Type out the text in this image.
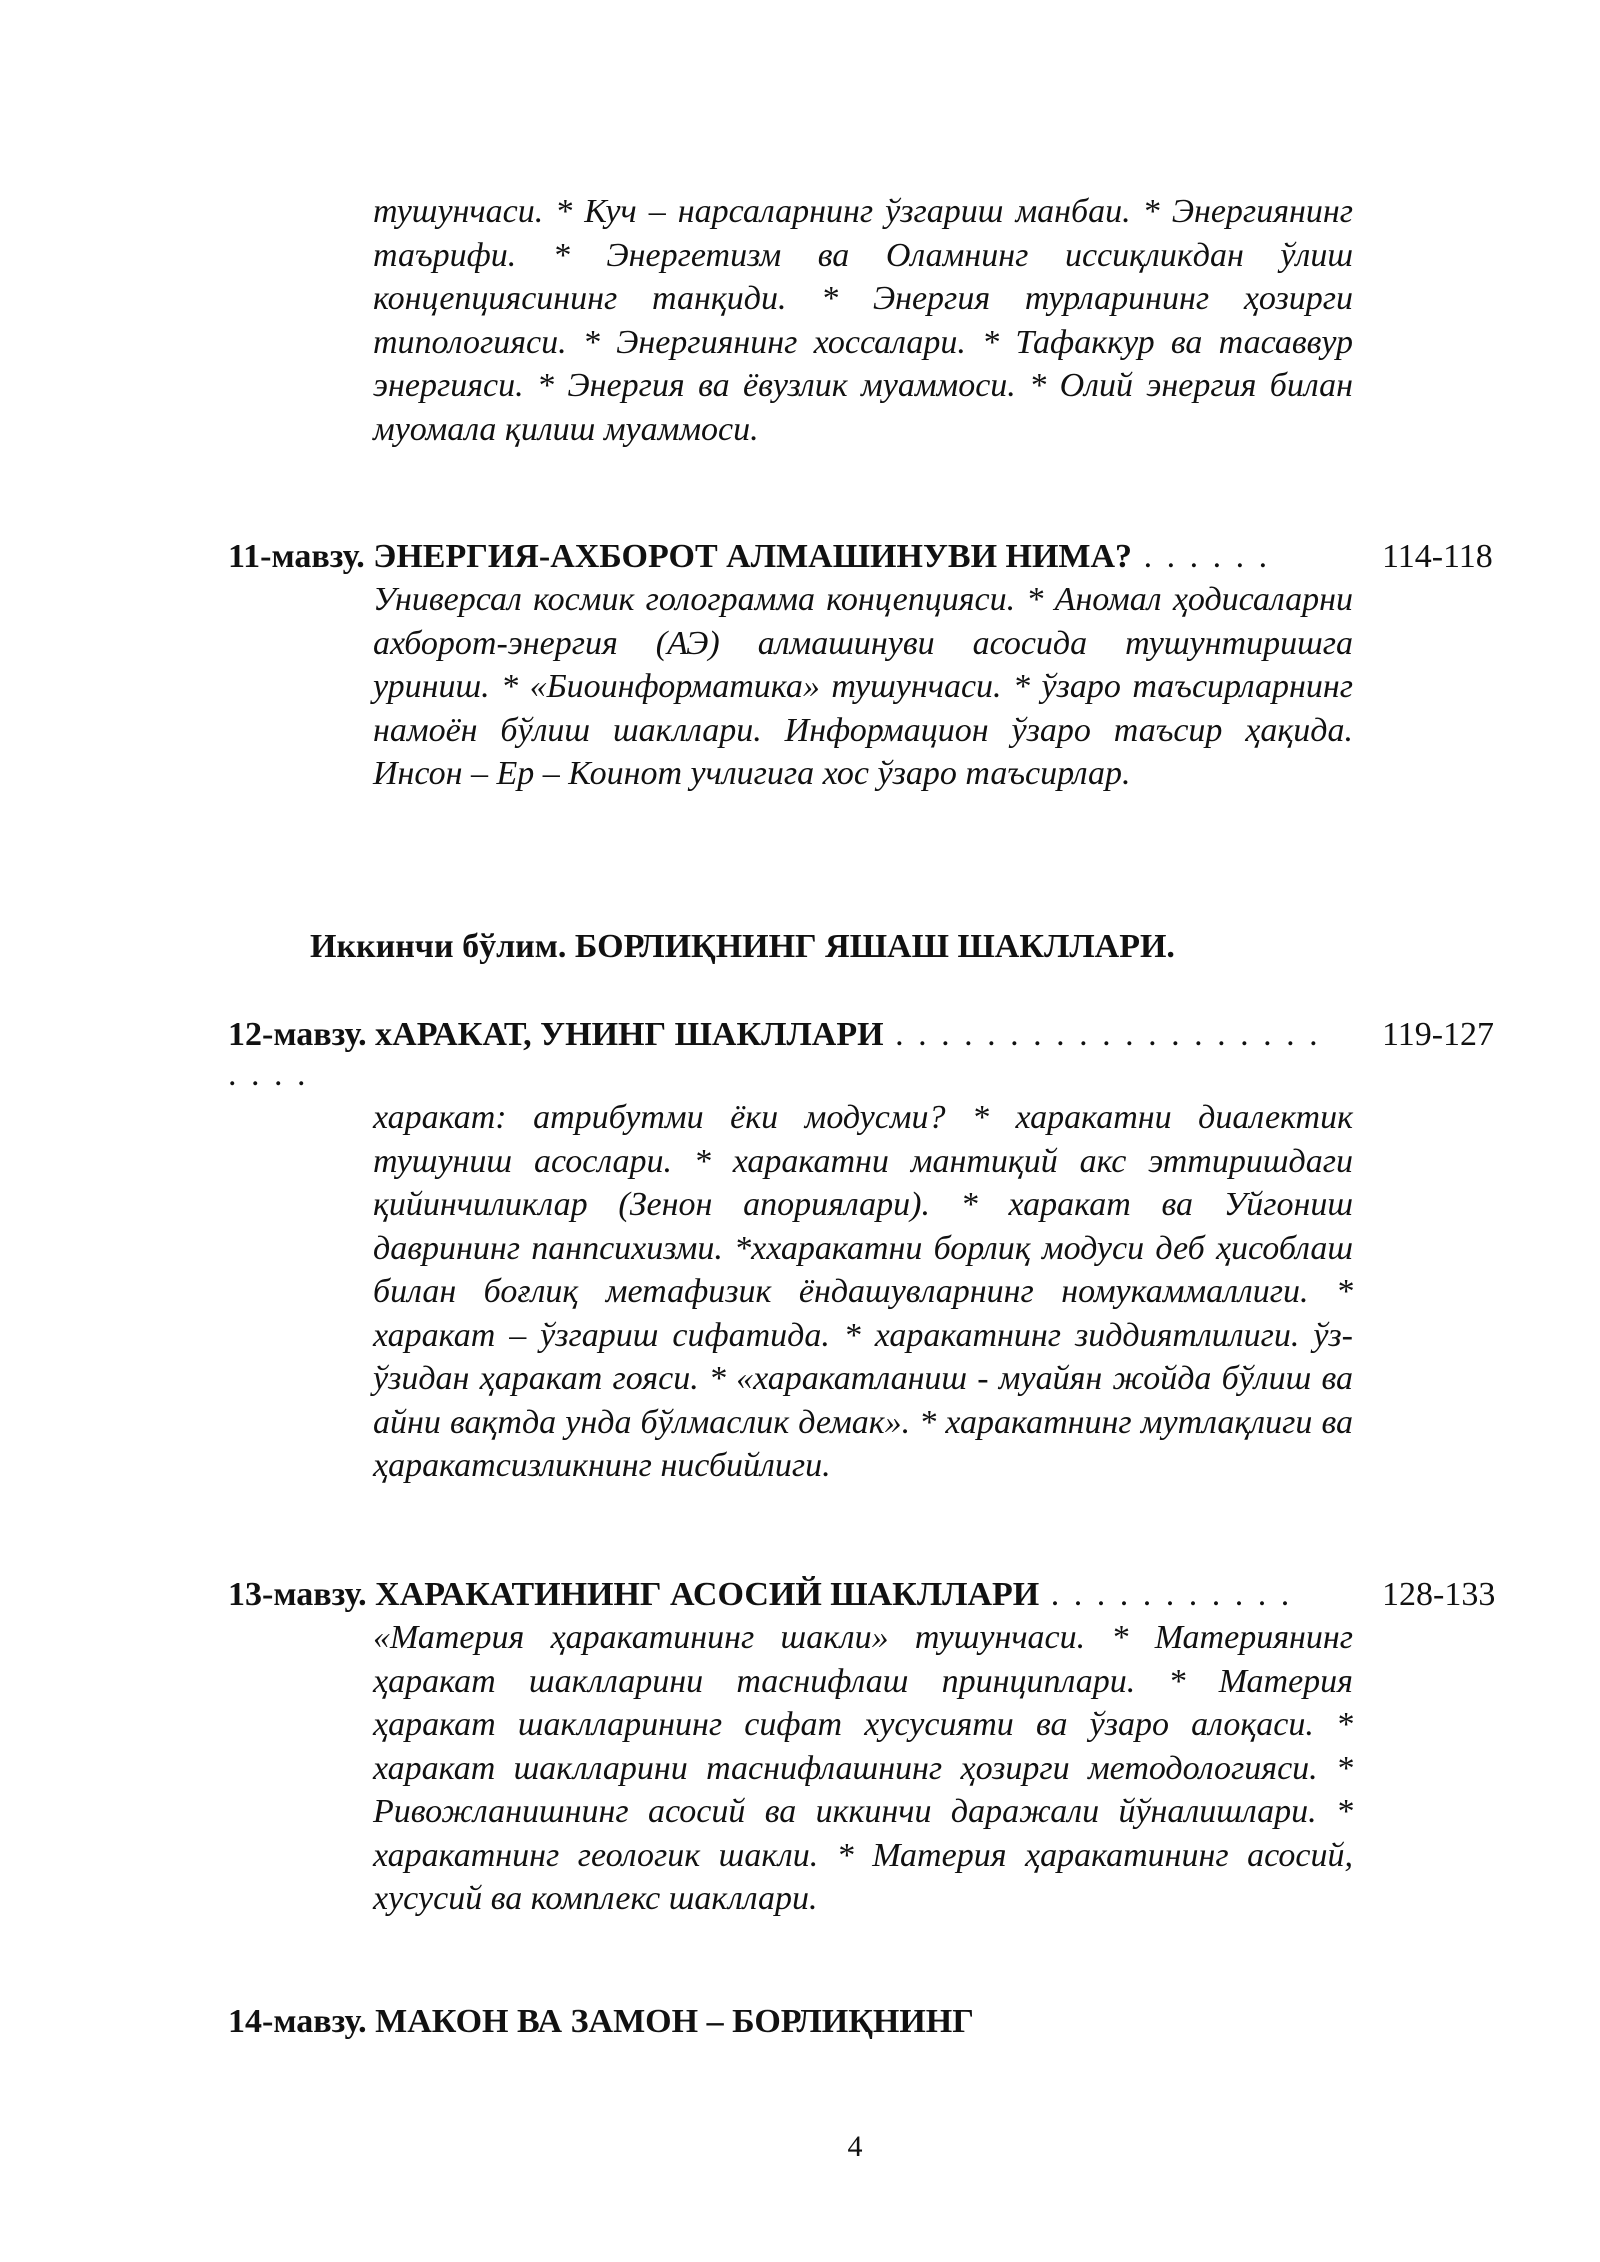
тушунчаси. * Куч – нарсаларнинг ўзгариш манбаи. * Энергиянинг таърифи. * Энергетизм ва Оламнинг иссиқликдан ўлиш концепциясининг танқиди. * Энергия турларининг ҳозирги типологияси. * Энергиянинг хоссалари. * Тафаккур ва тасаввур энергияси. * Энергия ва ёвузлик муаммоси. * Олий энергия билан муомала қилиш муаммоси.

11-мавзу. ЭНЕРГИЯ-АХБОРОТ АЛМАШИНУВИ НИМА? . . . . . .	114-118

Универсал космик голограмма концепцияси. * Аномал ҳодисаларни ахборот-энергия (АЭ) алмашинуви асосида тушунтиришга уриниш. * «Биоинформатика» тушунчаси. * ўзаро таъсирларнинг намоён бўлиш шакллари. Информацион ўзаро таъсир ҳақида. Инсон – Ер – Коинот учлигига хос ўзаро таъсирлар.

Иккинчи бўлим. БОРЛИҚНИНГ ЯШАШ ШАКЛЛАРИ.
12-мавзу. хАРАКАТ, УНИНГ ШАКЛЛАРИ . . . . . . . . . . . . . . . . . . .	119-127
. . . .

харакат: атрибутми ёки модусми? * харакатни диалектик тушуниш асослари. * харакатни мантиқий акс эттиришдаги қийинчиликлар (Зенон апориялари). * харакат ва Уйгониш даврининг панпсихизми. *ххаракатни борлиқ модуси деб ҳисоблаш билан боғлиқ метафизик ёндашувларнинг номукаммаллиги. * харакат – ўзгариш сифатида. * харакатнинг зиддиятлилиги. ўз-ўзидан ҳаракат гояси. * «харакатланиш - муайян жойда бўлиш ва айни вақтда унда бўлмаслик демак». * харакатнинг мутлақлиги ва ҳаракатсизликнинг нисбийлиги.

13-мавзу. ХАРАКАТИНИНГ АСОСИЙ ШАКЛЛАРИ . . . . . . . . . . .	128-133

«Материя ҳаракатининг шакли» тушунчаси. * Материянинг ҳаракат шаклларини таснифлаш принциплари. * Материя ҳаракат шаклларининг сифат хусусияти ва ўзаро алоқаси. * харакат шаклларини таснифлашнинг ҳозирги методологияси. * Ривожланишнинг асосий ва иккинчи даражали йўналишлари. * харакатнинг геологик шакли. * Материя ҳаракатининг асосий, хусусий ва комплекс шакллари.

14-мавзу. МАКОН ВА ЗАМОН – БОРЛИҚНИНГ
4
